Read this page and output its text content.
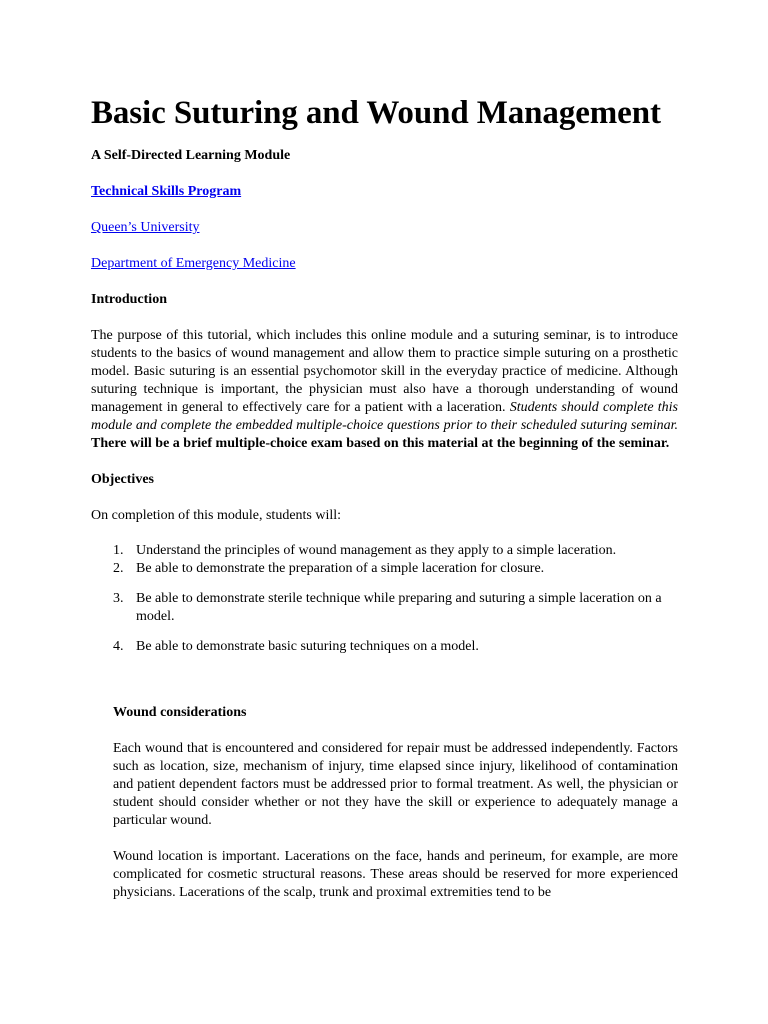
Basic Suturing and Wound Management

A Self-Directed Learning Module

Technical Skills Program

Queen’s University

Department of Emergency Medicine

Introduction

The purpose of this tutorial, which includes this online module and a suturing seminar, is to introduce students to the basics of wound management and allow them to practice simple suturing on a prosthetic model. Basic suturing is an essential psychomotor skill in the everyday practice of medicine. Although suturing technique is important, the physician must also have a thorough understanding of wound management in general to effectively care for a patient with a laceration. Students should complete this module and complete the embedded multiple-choice questions prior to their scheduled suturing seminar. There will be a brief multiple-choice exam based on this material at the beginning of the seminar.

Objectives

On completion of this module, students will:

1. Understand the principles of wound management as they apply to a simple laceration.
2. Be able to demonstrate the preparation of a simple laceration for closure.
3. Be able to demonstrate sterile technique while preparing and suturing a simple laceration on a model.
4. Be able to demonstrate basic suturing techniques on a model.

Wound considerations

Each wound that is encountered and considered for repair must be addressed independently. Factors such as location, size, mechanism of injury, time elapsed since injury, likelihood of contamination and patient dependent factors must be addressed prior to formal treatment. As well, the physician or student should consider whether or not they have the skill or experience to adequately manage a particular wound.

Wound location is important. Lacerations on the face, hands and perineum, for example, are more complicated for cosmetic structural reasons. These areas should be reserved for more experienced physicians. Lacerations of the scalp, trunk and proximal extremities tend to be
